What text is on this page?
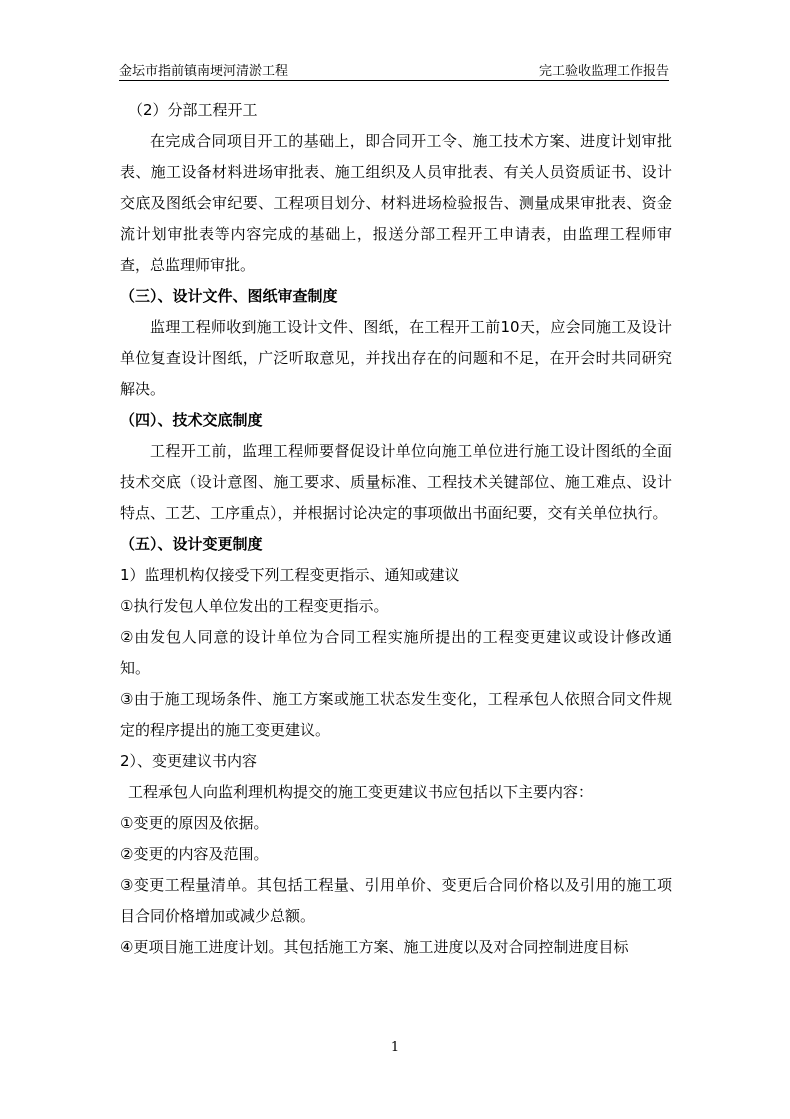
金坛市指前镇南埂河清淤工程	完工验收监理工作报告

（2）分部工程开工

在完成合同项目开工的基础上，即合同开工令、施工技术方案、进度计划审批表、施工设备材料进场审批表、施工组织及人员审批表、有关人员资质证书、设计交底及图纸会审纪要、工程项目划分、材料进场检验报告、测量成果审批表、资金流计划审批表等内容完成的基础上，报送分部工程开工申请表，由监理工程师审查，总监理师审批。

（三）、设计文件、图纸审查制度

监理工程师收到施工设计文件、图纸，在工程开工前10天，应会同施工及设计单位复查设计图纸，广泛听取意见，并找出存在的问题和不足，在开会时共同研究解决。

（四）、技术交底制度

工程开工前，监理工程师要督促设计单位向施工单位进行施工设计图纸的全面技术交底（设计意图、施工要求、质量标准、工程技术关键部位、施工难点、设计特点、工艺、工序重点），并根据讨论决定的事项做出书面纪要，交有关单位执行。

（五）、设计变更制度

1）监理机构仅接受下列工程变更指示、通知或建议

①执行发包人单位发出的工程变更指示。

②由发包人同意的设计单位为合同工程实施所提出的工程变更建议或设计修改通知。

③由于施工现场条件、施工方案或施工状态发生变化，工程承包人依照合同文件规定的程序提出的施工变更建议。

2）、变更建议书内容

工程承包人向监利理机构提交的施工变更建议书应包括以下主要内容：

①变更的原因及依据。

②变更的内容及范围。

③变更工程量清单。其包括工程量、引用单价、变更后合同价格以及引用的施工项目合同价格增加或减少总额。

④更项目施工进度计划。其包括施工方案、施工进度以及对合同控制进度目标

1
